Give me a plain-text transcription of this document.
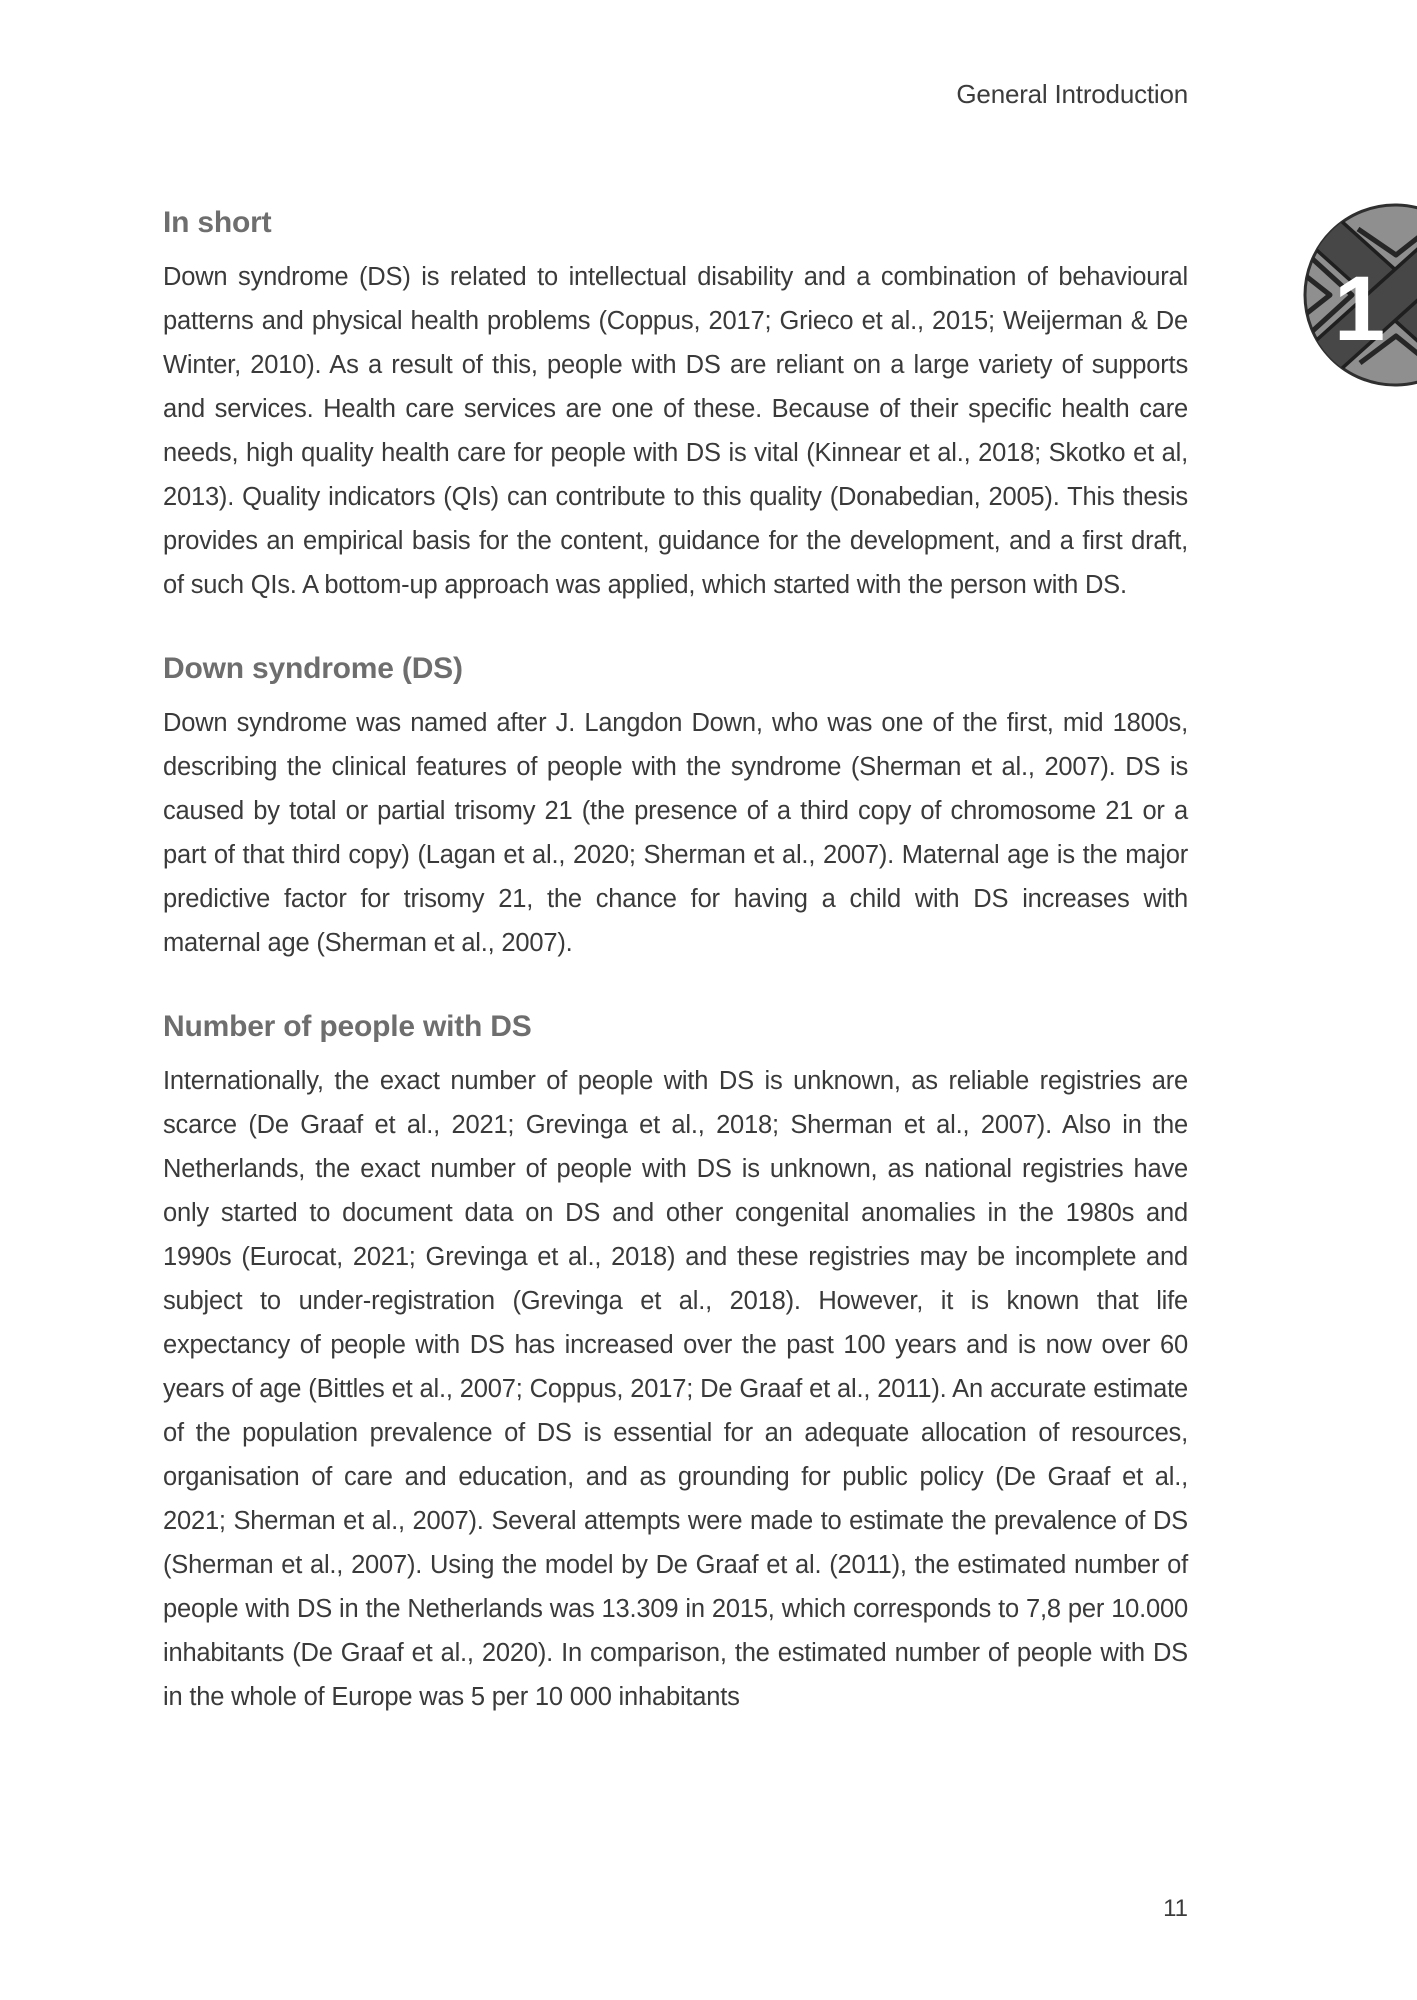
General Introduction
1
In short

Down syndrome (DS) is related to intellectual disability and a combination of behavioural patterns and physical health problems (Coppus, 2017; Grieco et al., 2015; Weijerman & De Winter, 2010). As a result of this, people with DS are reliant on a large variety of supports and services. Health care services are one of these. Because of their specific health care needs, high quality health care for people with DS is vital (Kinnear et al., 2018; Skotko et al, 2013). Quality indicators (QIs) can contribute to this quality (Donabedian, 2005). This thesis provides an empirical basis for the content, guidance for the development, and a first draft, of such QIs. A bottom-up approach was applied, which started with the person with DS.

Down syndrome (DS)

Down syndrome was named after J. Langdon Down, who was one of the first, mid 1800s, describing the clinical features of people with the syndrome (Sherman et al., 2007). DS is caused by total or partial trisomy 21 (the presence of a third copy of chromosome 21 or a part of that third copy) (Lagan et al., 2020; Sherman et al., 2007). Maternal age is the major predictive factor for trisomy 21, the chance for having a child with DS increases with maternal age (Sherman et al., 2007).

Number of people with DS

Internationally, the exact number of people with DS is unknown, as reliable registries are scarce (De Graaf et al., 2021; Grevinga et al., 2018; Sherman et al., 2007). Also in the Netherlands, the exact number of people with DS is unknown, as national registries have only started to document data on DS and other congenital anomalies in the 1980s and 1990s (Eurocat, 2021; Grevinga et al., 2018) and these registries may be incomplete and subject to under-registration (Grevinga et al., 2018). However, it is known that life expectancy of people with DS has increased over the past 100 years and is now over 60 years of age (Bittles et al., 2007; Coppus, 2017; De Graaf et al., 2011). An accurate estimate of the population prevalence of DS is essential for an adequate allocation of resources, organisation of care and education, and as grounding for public policy (De Graaf et al., 2021; Sherman et al., 2007). Several attempts were made to estimate the prevalence of DS (Sherman et al., 2007). Using the model by De Graaf et al. (2011), the estimated number of people with DS in the Netherlands was 13.309 in 2015, which corresponds to 7,8 per 10.000 inhabitants (De Graaf et al., 2020). In comparison, the estimated number of people with DS in the whole of Europe was 5 per 10 000 inhabitants

11
